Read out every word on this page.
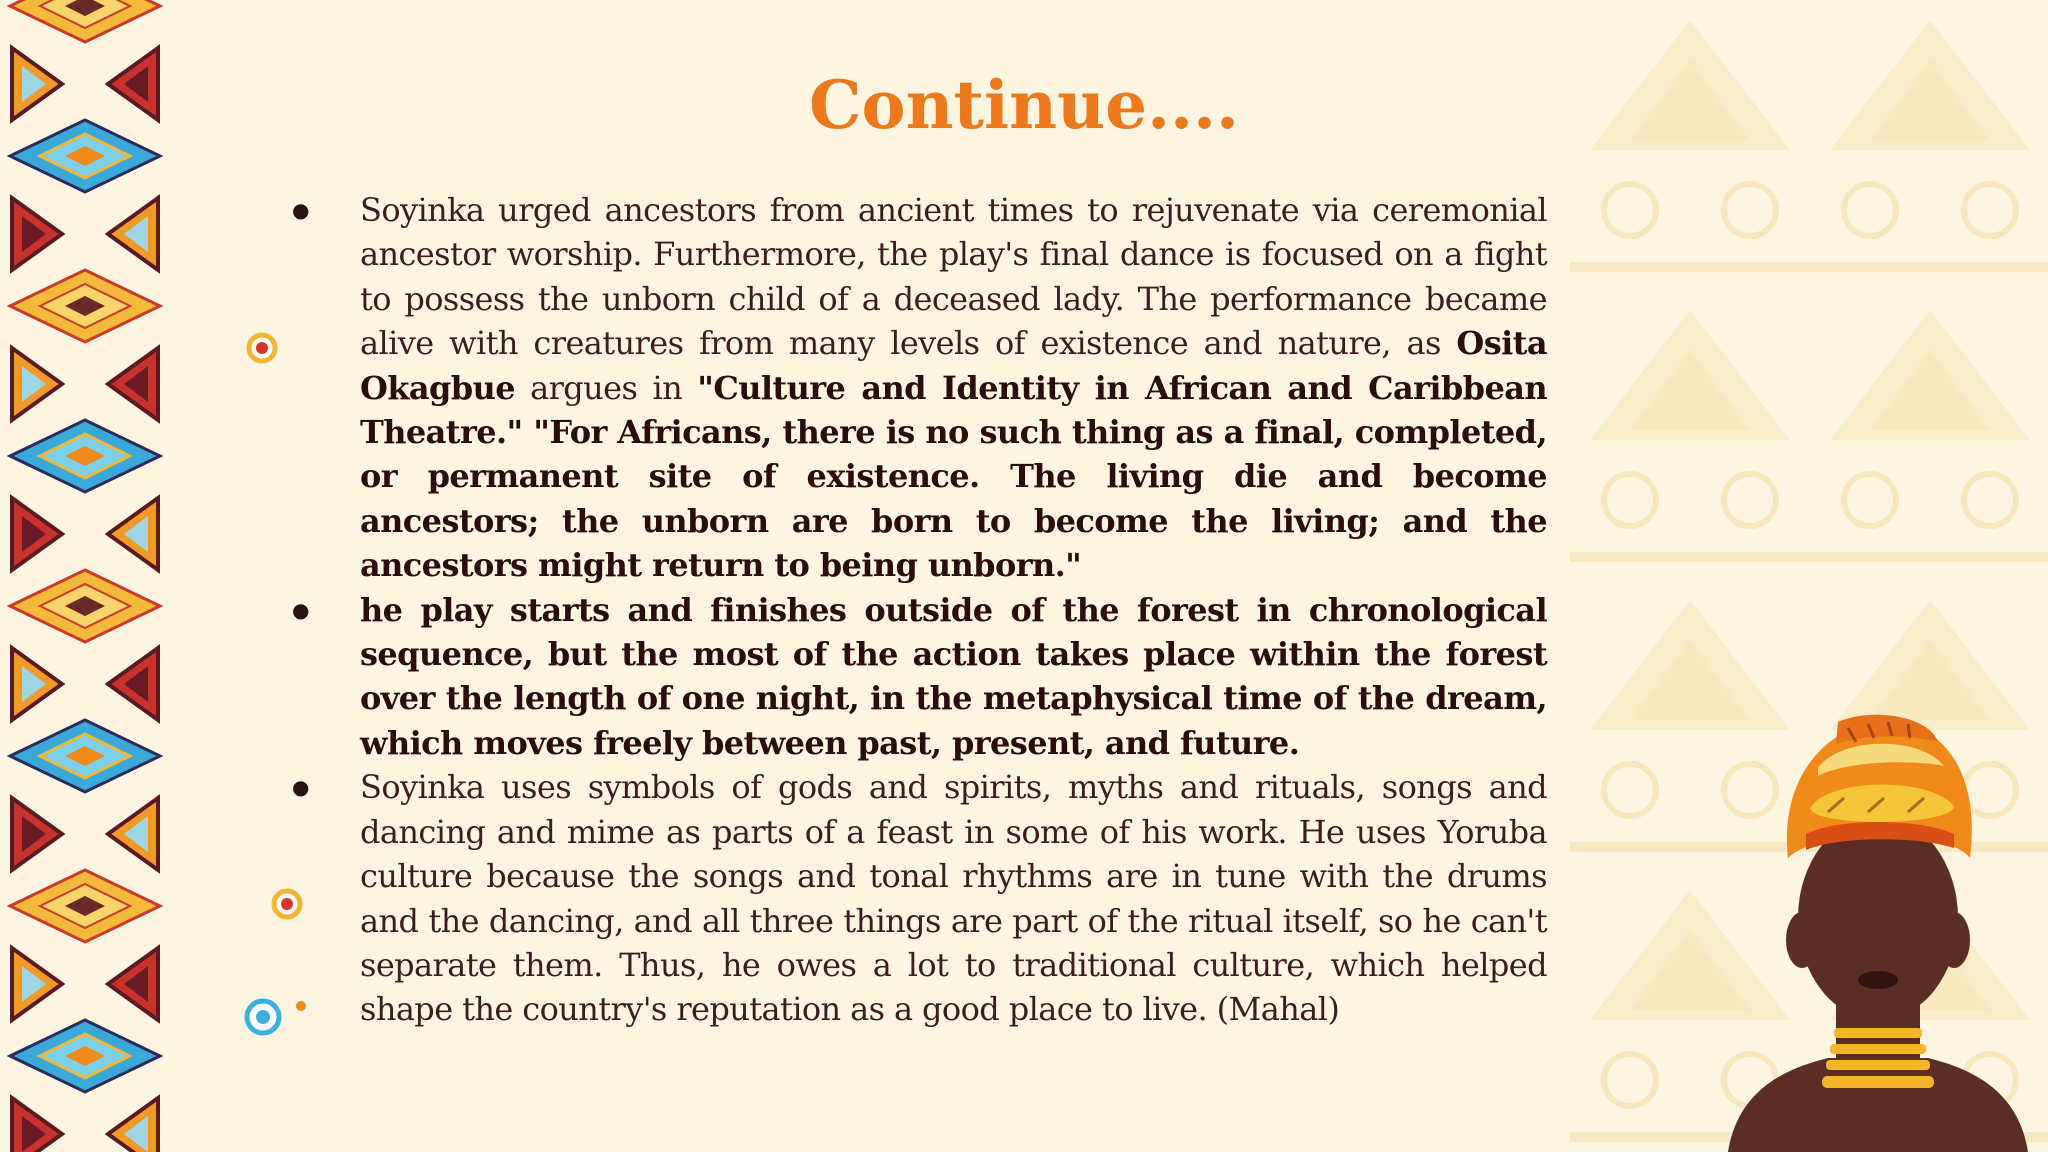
Continue....
●	Soyinka urged ancestors from ancient times to rejuvenate via ceremonial ancestor worship. Furthermore, the play's final dance is focused on a fight to possess the unborn child of a deceased lady. The performance became alive with creatures from many levels of existence and nature, as Osita Okagbue argues in "Culture and Identity in African and Caribbean Theatre." "For Africans, there is no such thing as a final, completed, or permanent site of existence. The living die and become ancestors; the unborn are born to become the living; and the ancestors might return to being unborn."
●	he play starts and finishes outside of the forest in chronological sequence, but the most of the action takes place within the forest over the length of one night, in the metaphysical time of the dream, which moves freely between past, present, and future.
●	Soyinka uses symbols of gods and spirits, myths and rituals, songs and dancing and mime as parts of a feast in some of his work. He uses Yoruba culture because the songs and tonal rhythms are in tune with the drums and the dancing, and all three things are part of the ritual itself, so he can't separate them. Thus, he owes a lot to traditional culture, which helped shape the country's reputation as a good place to live. (Mahal)
